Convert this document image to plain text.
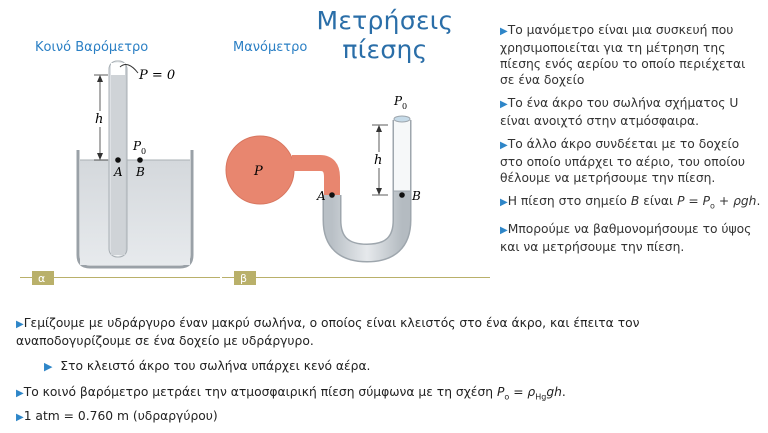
Μετρήσεις πίεσης
Κοινό Βαρόμετρο
P = 0
h
A B
P 0
α
Μανόμετρο
P
h
P 0
A	B
β

▶Το μανόμετρο είναι μια συσκευή που χρησιμοποιείται για τη μέτρηση της πίεσης ενός αερίου το οποίο περιέχεται σε ένα δοχείο

▶Το ένα άκρο του σωλήνα σχήματος U είναι ανοιχτό στην ατμόσφαιρα.

▶Το άλλο άκρο συνδέεται με το δοχείο στο οποίο υπάρχει το αέριο, του οποίου θέλουμε να μετρήσουμε την πίεση.

▶Η πίεση στο σημείο B είναι $P = P_o + \rho gh$.

▶Μπορούμε να βαθμονομήσουμε το ύψος και να μετρήσουμε την πίεση.

▶Γεμίζουμε με υδράργυρο έναν μακρύ σωλήνα, ο οποίος είναι κλειστός στο ένα άκρο, και έπειτα τον
αναποδογυρίζουμε σε ένα δοχείο με υδράργυρο.
▶ Στο κλειστό άκρο του σωλήνα υπάρχει κενό αέρα.
▶Το κοινό βαρόμετρο μετράει την ατμοσφαιρική πίεση σύμφωνα με τη σχέση $P_o = \rho_{Hg}gh$.
▶1 atm = 0.760 m (υδραργύρου)
